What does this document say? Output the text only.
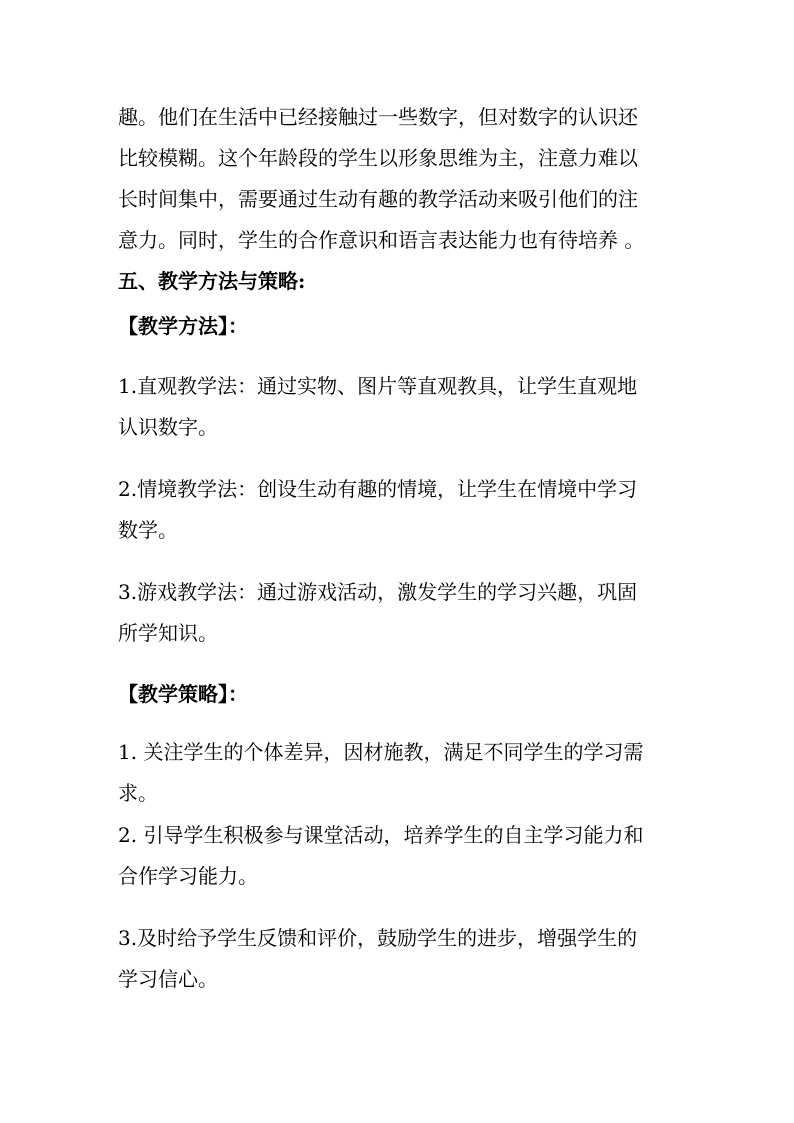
趣。他们在生活中已经接触过一些数字，但对数字的认识还
比较模糊。这个年龄段的学生以形象思维为主，注意力难以
长时间集中，需要通过生动有趣的教学活动来吸引他们的注
意力。同时，学生的合作意识和语言表达能力也有待培养 。
五、教学方法与策略:
【教学方法】：
1.直观教学法：通过实物、图片等直观教具，让学生直观地
认识数字。
2.情境教学法：创设生动有趣的情境，让学生在情境中学习
数学。
3.游戏教学法：通过游戏活动，激发学生的学习兴趣，巩固
所学知识。
【教学策略】：
1. 关注学生的个体差异，因材施教，满足不同学生的学习需
求。
2. 引导学生积极参与课堂活动，培养学生的自主学习能力和
合作学习能力。
3.及时给予学生反馈和评价，鼓励学生的进步，增强学生的
学习信心。
